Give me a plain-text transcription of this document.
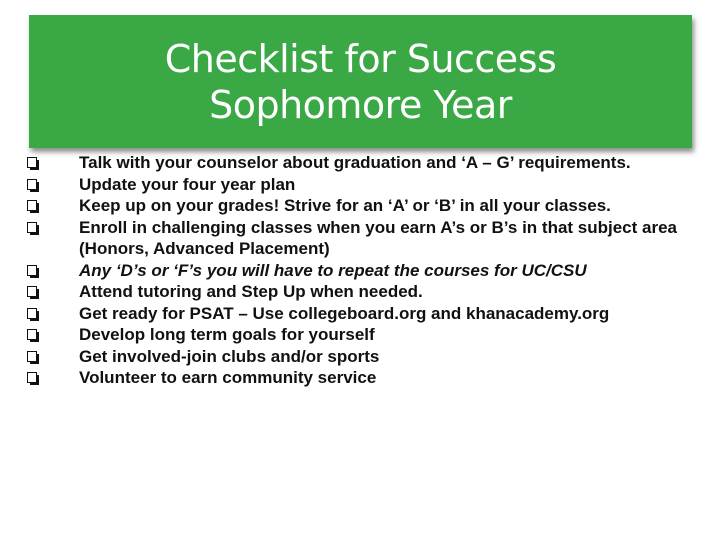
Checklist for Success
Sophomore Year
Talk with your counselor about graduation and ‘A – G’ requirements.
Update your four year plan
Keep up on your grades! Strive for an ‘A’ or ‘B’ in all your classes.
Enroll in challenging classes when you earn A’s or B’s in that subject area (Honors, Advanced Placement)
Any ‘D’s or ‘F’s you will have to repeat the courses for UC/CSU
Attend tutoring and Step Up when needed.
Get ready for PSAT – Use collegeboard.org and khanacademy.org
Develop long term goals for yourself
Get involved-join clubs and/or sports
Volunteer to earn community service
